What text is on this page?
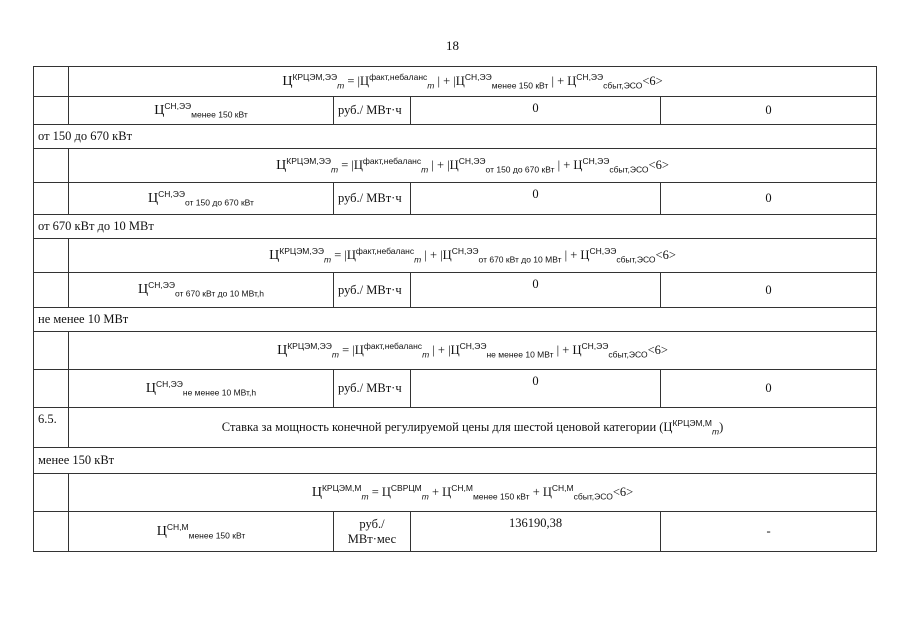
18
	$Ц^{КРЦЭМ,ЭЭ}_m = |Ц^{факт,небаланс}_m$ | + $|Ц^{СН,ЭЭ}_{менее 150 кВт}$ | + $Ц^{СН,ЭЭ}_{сбыт,ЭСО}<6>$			
	$Ц^{СН,ЭЭ}_{менее 150 кВт}$	руб./ МВт·ч	0	0
от 150 до 670 кВт				
	$Ц^{КРЦЭМ,ЭЭ}_m = |Ц^{факт,небаланс}_m$ | + $|Ц^{СН,ЭЭ}_{от 150 до 670 кВт}$ | + $Ц^{СН,ЭЭ}_{сбыт,ЭСО}<6>$			
	$Ц^{СН,ЭЭ}_{от 150 до 670 кВт}$	руб./ МВт·ч	0	0
от 670 кВт до 10 МВт				
	$Ц^{КРЦЭМ,ЭЭ}_m = |Ц^{факт,небаланс}_m$ | + $|Ц^{СН,ЭЭ}_{от 670 кВт до 10 МВт}$ | + $Ц^{СН,ЭЭ}_{сбыт,ЭСО}<6>$			
	$Ц^{СН,ЭЭ}_{от 670 кВт до 10 МВт,h}$	руб./ МВт·ч	0	0
не менее 10 МВт				
	$Ц^{КРЦЭМ,ЭЭ}_m = |Ц^{факт,небаланс}_m$ | + $|Ц^{СН,ЭЭ}_{не менее 10 МВт}$ | + $Ц^{СН,ЭЭ}_{сбыт,ЭСО}<6>$			
	$Ц^{СН,ЭЭ}_{не менее 10 МВт,h}$	руб./ МВт·ч	0	0
6.5.	Ставка за мощность конечной регулируемой цены для шестой ценовой категории $(Ц^{КРЦЭМ,М}_m)$			
менее 150 кВт				
	$Ц^{КРЦЭМ,М}_m = Ц^{СВРЦМ}_m + Ц^{СН,М}_{менее 150 кВт} + Ц^{СН,М}_{сбыт,ЭСО}<6>$			
	$Ц^{СН,М}_{менее 150 кВт}$	руб./ МВт·мес	136190,38	-
